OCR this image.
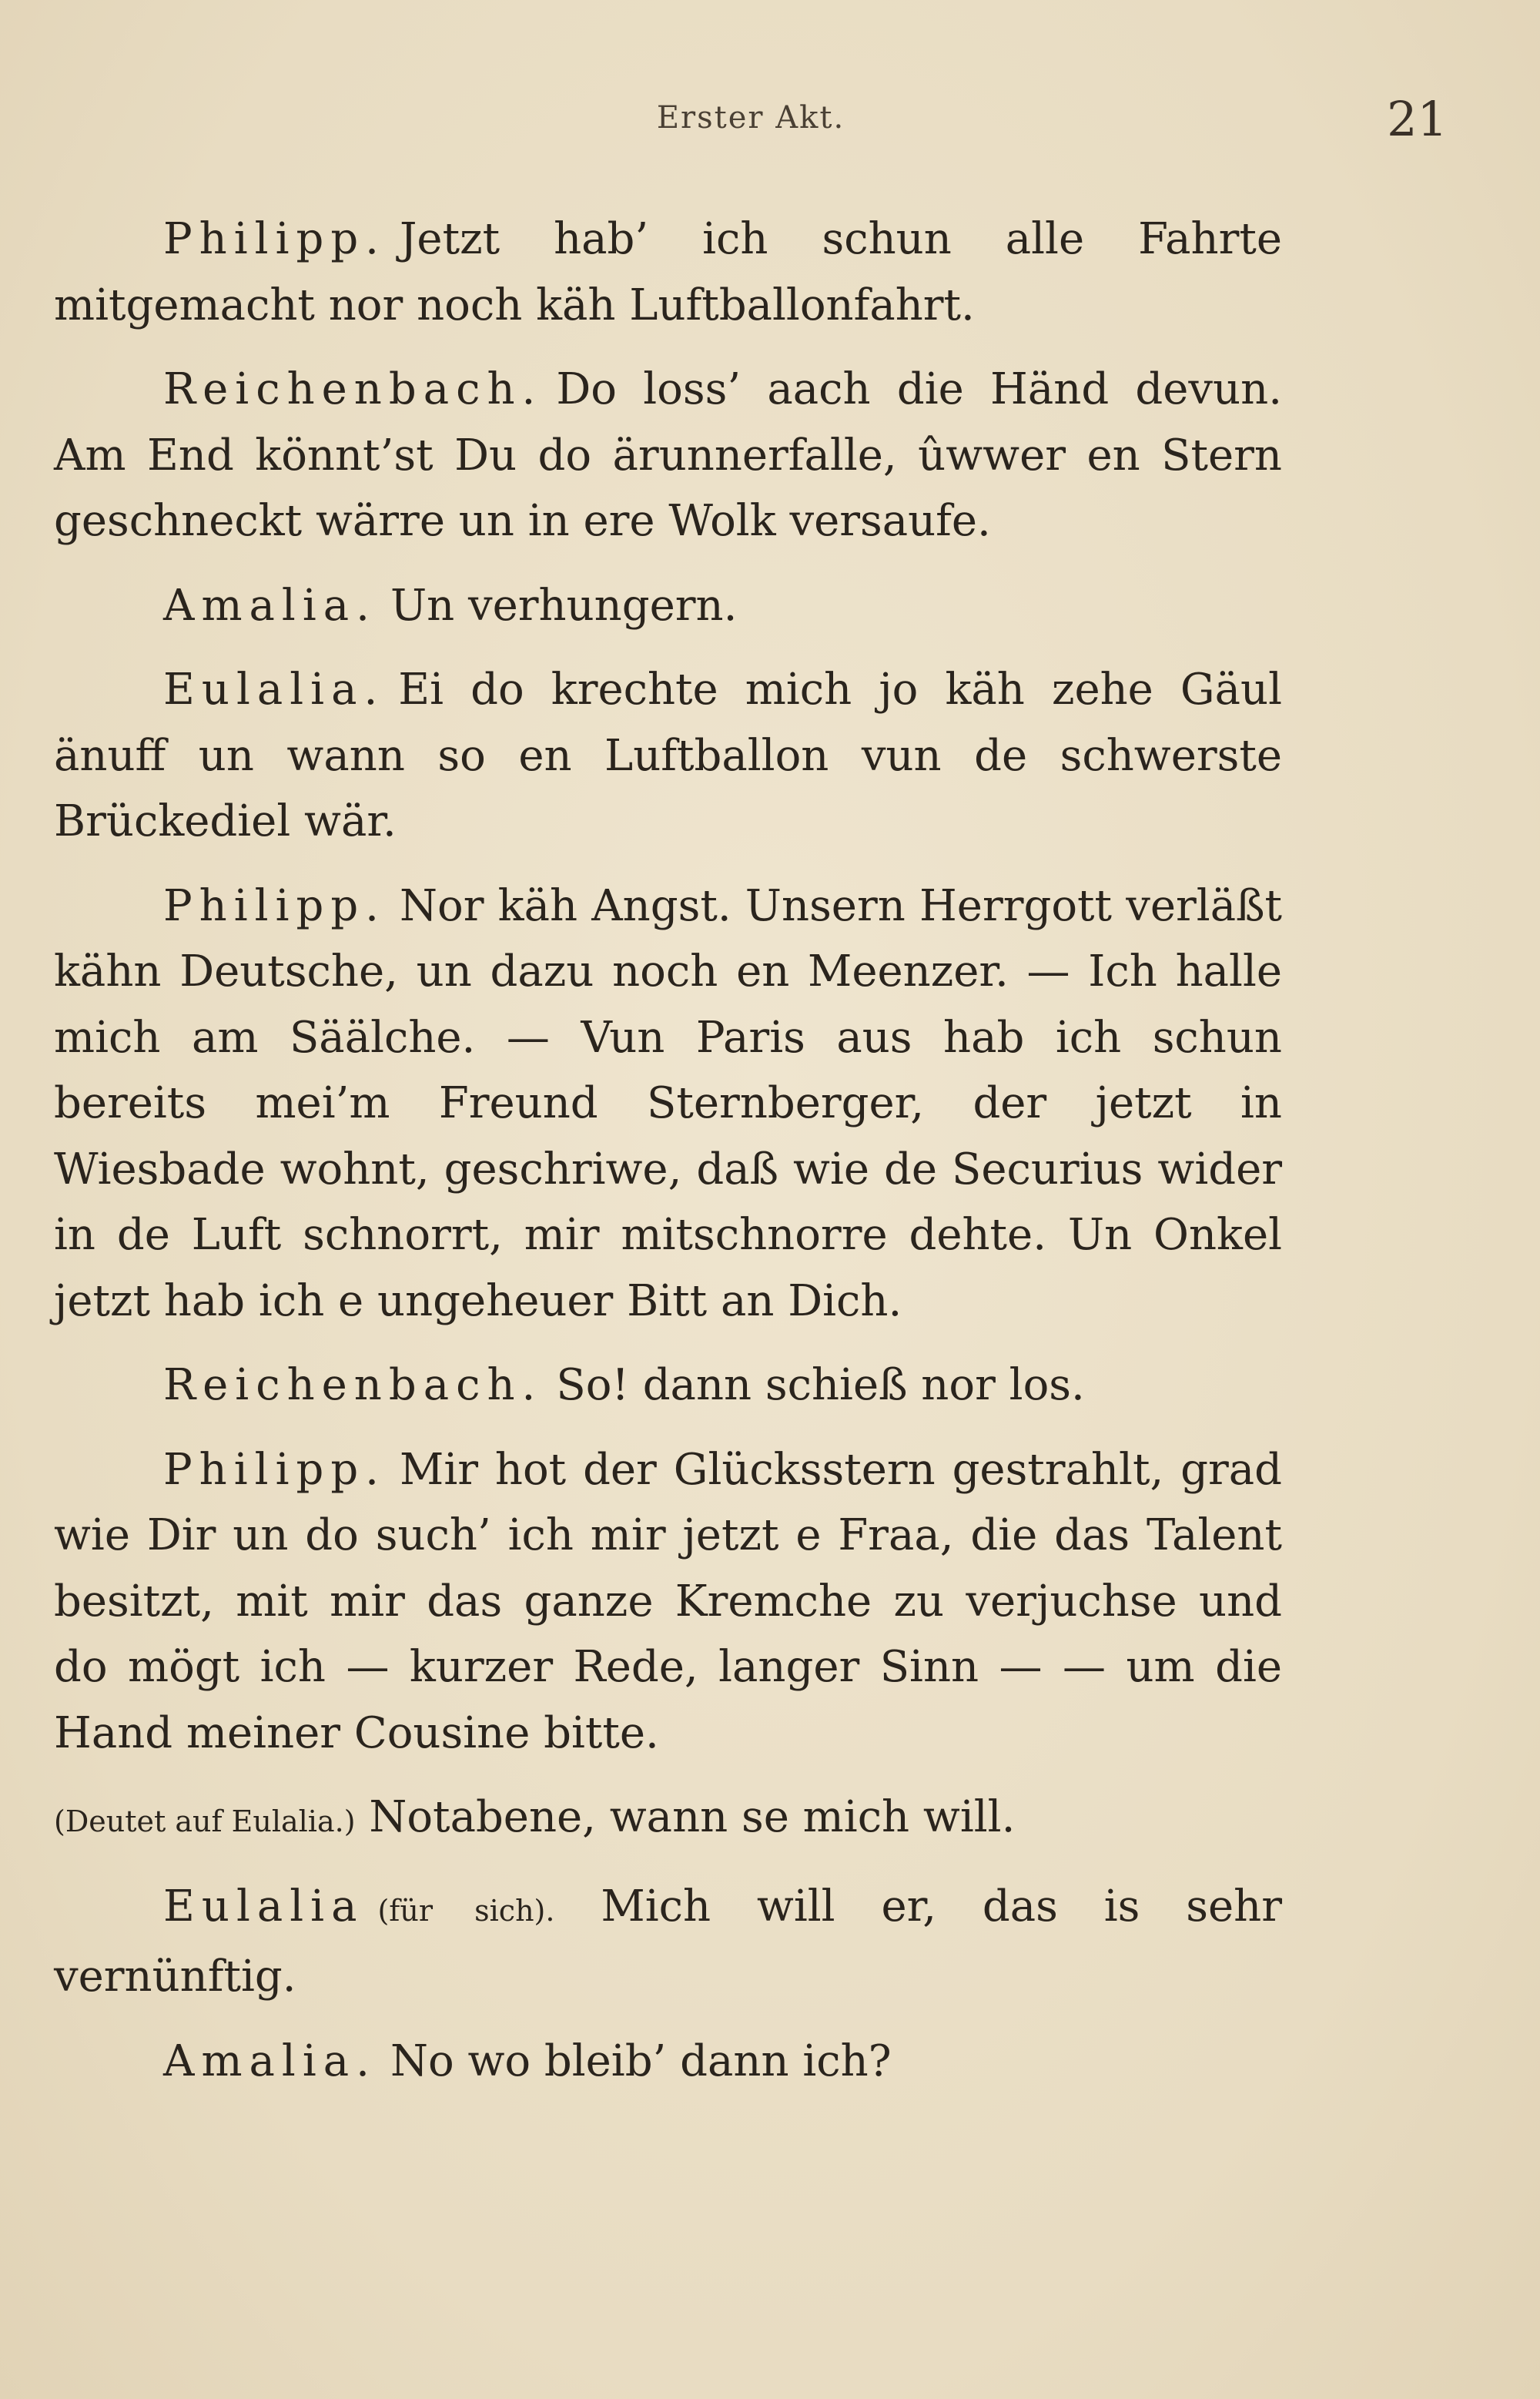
Erster Akt.	21

Philipp. Jetzt hab’ ich schun alle Fahrte mitgemacht nor noch käh Luftballonfahrt.

Reichenbach. Do loss’ aach die Händ devun. Am End könnt’st Du do ärunnerfalle, ûwwer en Stern geschneckt wärre un in ere Wolk versaufe.

Amalia. Un verhungern.

Eulalia. Ei do krechte mich jo käh zehe Gäul änuff un wann so en Luftballon vun de schwerste Brückediel wär.

Philipp. Nor käh Angst. Unsern Herrgott verläßt kähn Deutsche, un dazu noch en Meenzer. — Ich halle mich am Säälche. — Vun Paris aus hab ich schun bereits mei’m Freund Sternberger, der jetzt in Wiesbade wohnt, geschriwe, daß wie de Securius wider in de Luft schnorrt, mir mitschnorre dehte. Un Onkel jetzt hab ich e ungeheuer Bitt an Dich.

Reichenbach. So! dann schieß nor los.

Philipp. Mir hot der Glücksstern gestrahlt, grad wie Dir un do such’ ich mir jetzt e Fraa, die das Talent besitzt, mit mir das ganze Kremche zu verjuchse und do mögt ich — kurzer Rede, langer Sinn — — um die Hand meiner Cousine bitte.

(Deutet auf Eulalia.) Notabene, wann se mich will.

Eulalia (für sich). Mich will er, das is sehr vernünftig.

Amalia. No wo bleib’ dann ich?
